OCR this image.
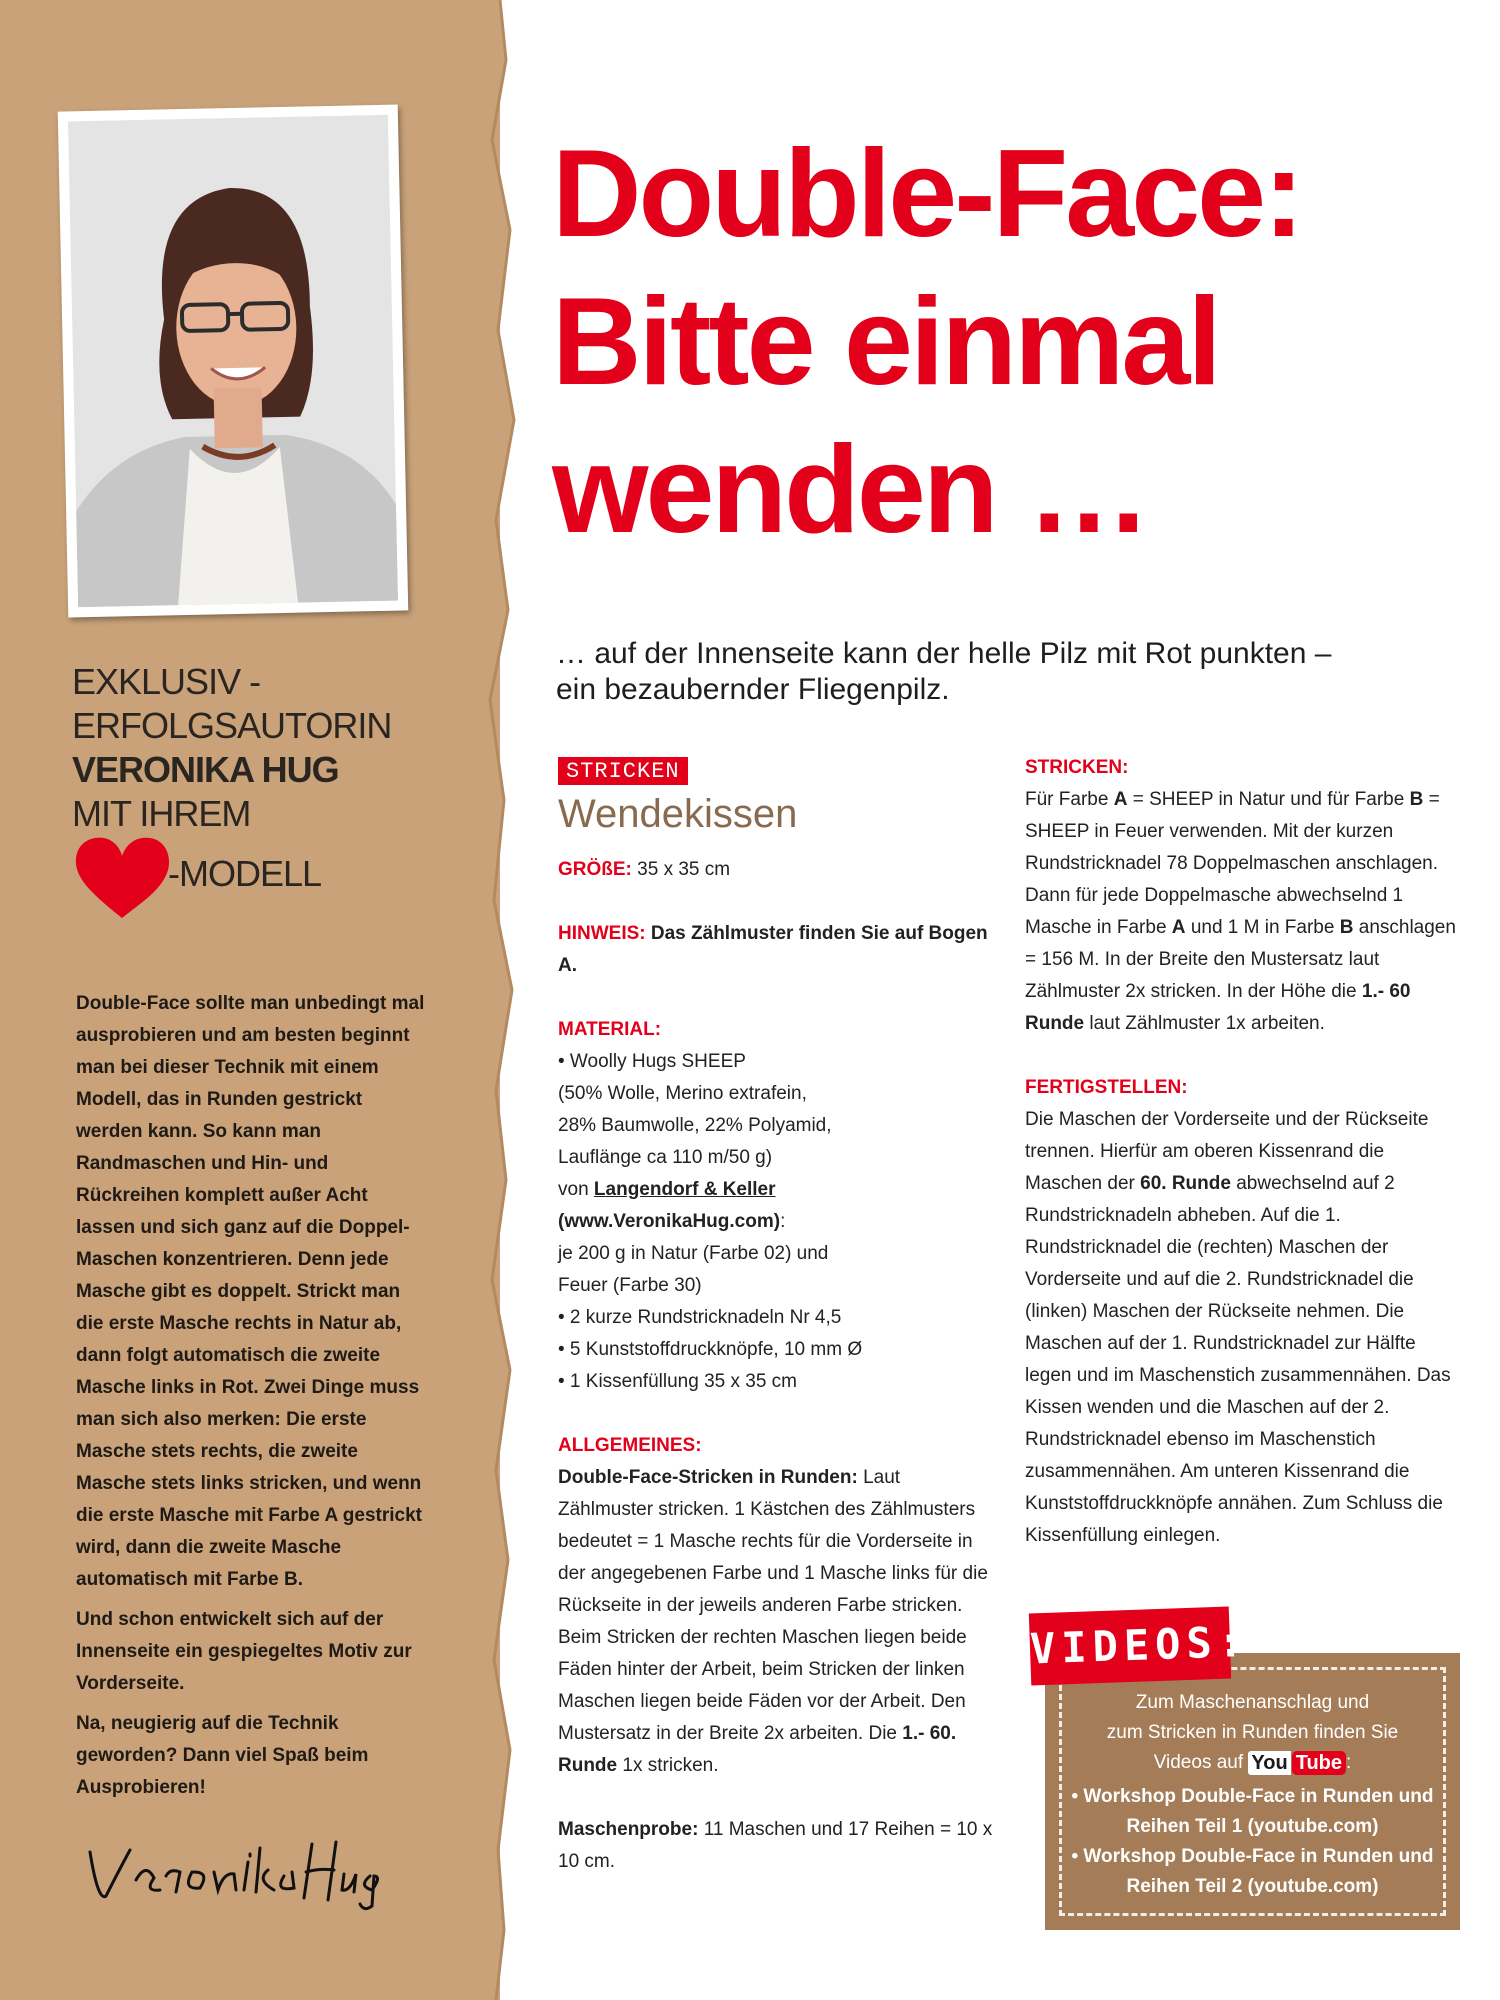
EXKLUSIV -
ERFOLGSAUTORIN
VERONIKA HUG
MIT IHREM
-MODELL

Double-Face sollte man unbedingt mal ausprobieren und am besten beginnt man bei dieser Technik mit einem Modell, das in Runden gestrickt werden kann. So kann man Randmaschen und Hin- und Rückreihen komplett außer Acht lassen und sich ganz auf die Doppel-Maschen konzentrieren. Denn jede Masche gibt es doppelt. Strickt man die erste Masche rechts in Natur ab, dann folgt automatisch die zweite Masche links in Rot. Zwei Dinge muss man sich also merken: Die erste Masche stets rechts, die zweite Masche stets links stricken, und wenn die erste Masche mit Farbe A gestrickt wird, dann die zweite Masche automatisch mit Farbe B.

Und schon entwickelt sich auf der Innenseite ein gespiegeltes Motiv zur Vorderseite.

Na, neugierig auf die Technik geworden? Dann viel Spaß beim Ausprobieren!

Double-Face:
Bitte einmal
wenden …
… auf der Innenseite kann der helle Pilz mit Rot punkten –
ein bezaubernder Fliegenpilz.
STRICKEN
Wendekissen

GRÖßE: 35 x 35 cm

HINWEIS: Das Zählmuster finden Sie auf Bogen A.

MATERIAL:

• Woolly Hugs SHEEP

(50% Wolle, Merino extrafein,

28% Baumwolle, 22% Polyamid,

Lauflänge ca 110 m/50 g)

von Langendorf & Keller

(www.VeronikaHug.com):

je 200 g in Natur (Farbe 02) und

Feuer (Farbe 30)

• 2 kurze Rundstricknadeln Nr 4,5

• 5 Kunststoffdruckknöpfe, 10 mm Ø

• 1 Kissenfüllung 35 x 35 cm

ALLGEMEINES:

Double-Face-Stricken in Runden: Laut Zählmuster stricken. 1 Kästchen des Zählmusters bedeutet = 1 Masche rechts für die Vorderseite in der angegebenen Farbe und 1 Masche links für die Rückseite in der jeweils anderen Farbe stricken. Beim Stricken der rechten Maschen liegen beide Fäden hinter der Arbeit, beim Stricken der linken Maschen liegen beide Fäden vor der Arbeit. Den Mustersatz in der Breite 2x arbeiten. Die 1.- 60. Runde 1x stricken.

Maschenprobe: 11 Maschen und 17 Reihen = 10 x 10 cm.

STRICKEN:

Für Farbe A = SHEEP in Natur und für Farbe B = SHEEP in Feuer verwenden. Mit der kurzen Rundstricknadel 78 Doppelmaschen anschlagen. Dann für jede Doppelmasche abwechselnd 1 Masche in Farbe A und 1 M in Farbe B anschlagen = 156 M. In der Breite den Mustersatz laut Zählmuster 2x stricken. In der Höhe die 1.- 60 Runde laut Zählmuster 1x arbeiten.

FERTIGSTELLEN:

Die Maschen der Vorderseite und der Rückseite trennen. Hierfür am oberen Kissenrand die Maschen der 60. Runde abwechselnd auf 2 Rundstricknadeln abheben. Auf die 1. Rundstricknadel die (rechten) Maschen der Vorderseite und auf die 2. Rundstricknadel die (linken) Maschen der Rückseite nehmen. Die Maschen auf der 1. Rundstricknadel zur Hälfte legen und im Maschenstich zusammennähen. Das Kissen wenden und die Maschen auf der 2. Rundstricknadel ebenso im Maschenstich zusammennähen. Am unteren Kissenrand die Kunststoffdruckknöpfe annähen. Zum Schluss die Kissenfüllung einlegen.

VIDEOS:
Zum Maschenanschlag und
zum Stricken in Runden finden Sie
Videos auf You Tube :
• Workshop Double-Face in Runden und Reihen Teil 1 (youtube.com)
• Workshop Double-Face in Runden und Reihen Teil 2 (youtube.com)
